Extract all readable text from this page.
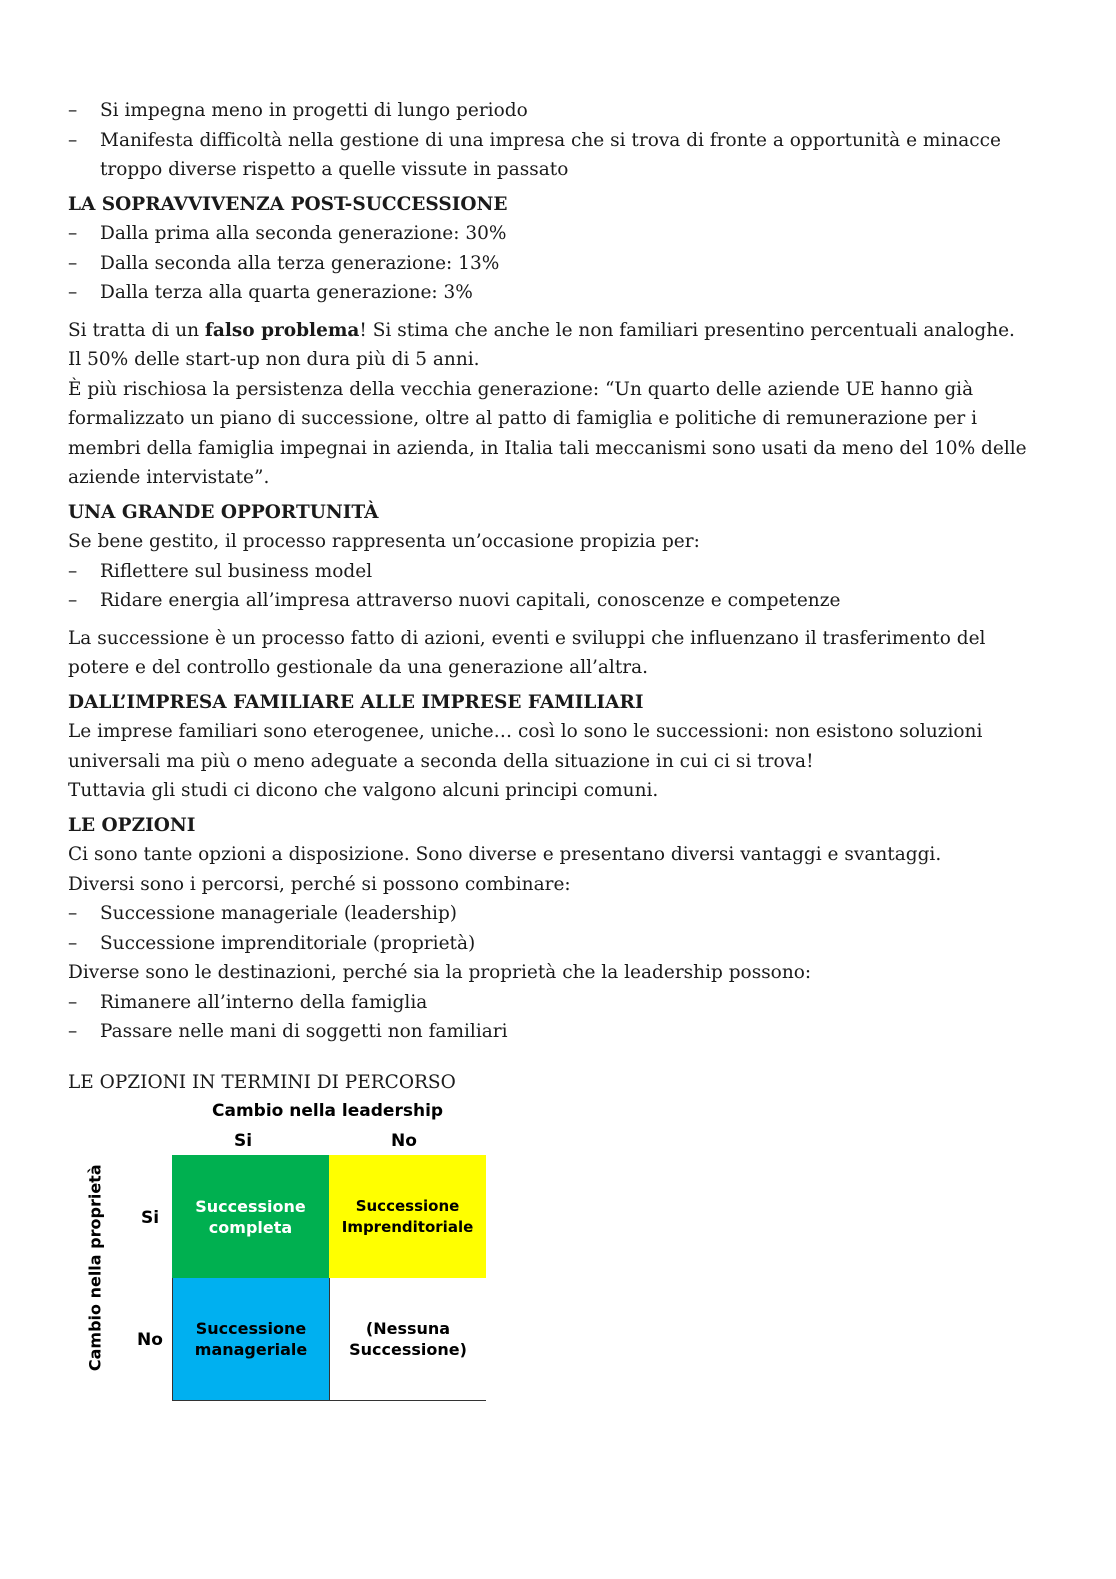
– Si impegna meno in progetti di lungo periodo
– Manifesta difficoltà nella gestione di una impresa che si trova di fronte a opportunità e minacce troppo diverse rispetto a quelle vissute in passato
LA SOPRAVVIVENZA POST-SUCCESSIONE
– Dalla prima alla seconda generazione: 30%
– Dalla seconda alla terza generazione: 13%
– Dalla terza alla quarta generazione: 3%

Si tratta di un falso problema! Si stima che anche le non familiari presentino percentuali analoghe.

Il 50% delle start-up non dura più di 5 anni.

È più rischiosa la persistenza della vecchia generazione: “Un quarto delle aziende UE hanno già formalizzato un piano di successione, oltre al patto di famiglia e politiche di remunerazione per i membri della famiglia impegnai in azienda, in Italia tali meccanismi sono usati da meno del 10% delle aziende intervistate”.

UNA GRANDE OPPORTUNITÀ

Se bene gestito, il processo rappresenta un’occasione propizia per:

– Riflettere sul business model
– Ridare energia all’impresa attraverso nuovi capitali, conoscenze e competenze

La successione è un processo fatto di azioni, eventi e sviluppi che influenzano il trasferimento del potere e del controllo gestionale da una generazione all’altra.

DALL’IMPRESA FAMILIARE ALLE IMPRESE FAMILIARI

Le imprese familiari sono eterogenee, uniche… così lo sono le successioni: non esistono soluzioni universali ma più o meno adeguate a seconda della situazione in cui ci si trova!

Tuttavia gli studi ci dicono che valgono alcuni principi comuni.

LE OPZIONI

Ci sono tante opzioni a disposizione. Sono diverse e presentano diversi vantaggi e svantaggi.

Diversi sono i percorsi, perché si possono combinare:

– Successione manageriale (leadership)
– Successione imprenditoriale (proprietà)

Diverse sono le destinazioni, perché sia la proprietà che la leadership possono:

– Rimanere all’interno della famiglia
– Passare nelle mani di soggetti non familiari
LE OPZIONI IN TERMINI DI PERCORSO
Cambio nella leadership
Si	No
Cambio nella proprietà	Si
No
Successione
completa
Successione
Imprenditoriale
Successione
manageriale
(Nessuna
Successione)
